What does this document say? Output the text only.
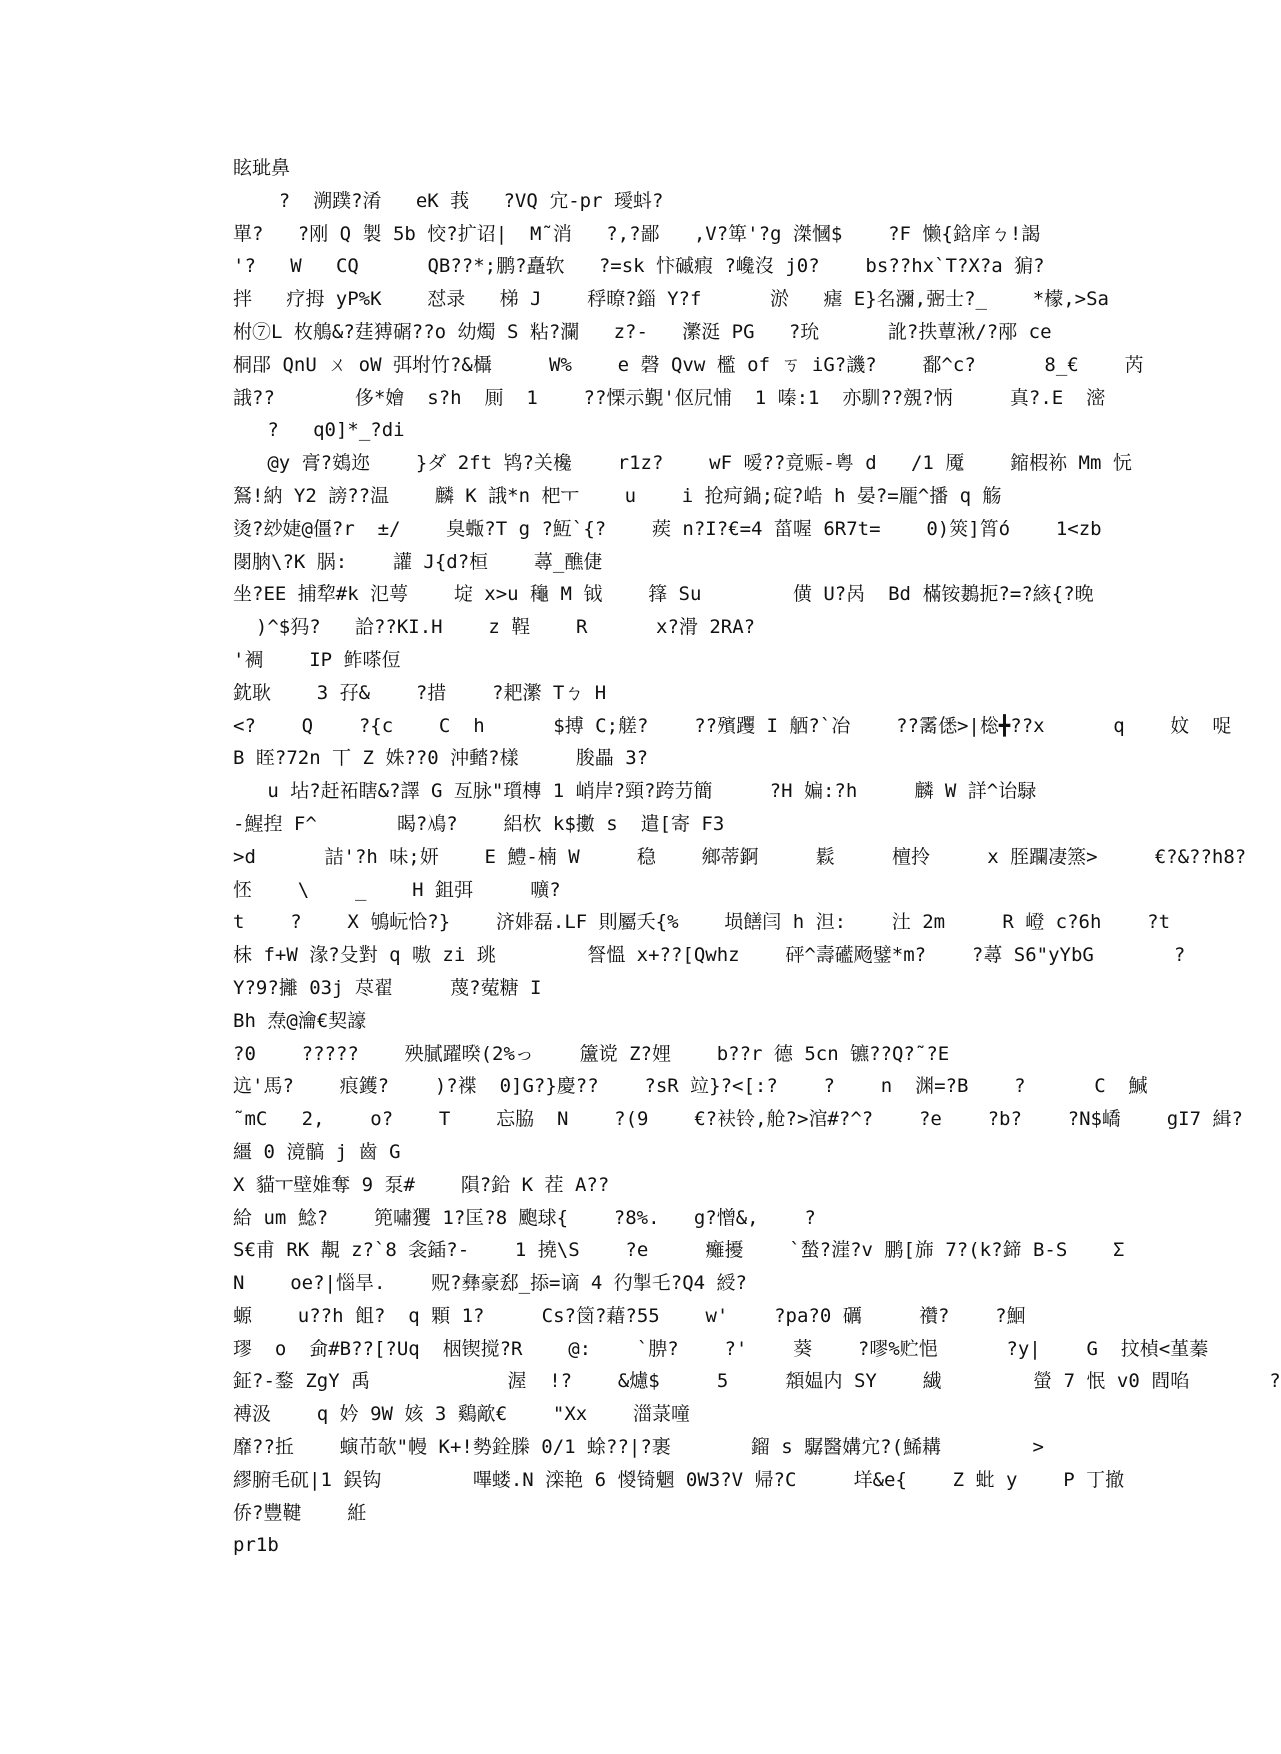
眩玼鼻
?  溯蹼?淆   eK 莪   ?VQ 宂-pr 璦蚪?
單?   ?刚 Q 製 5b 恔?扩诏|  M˜消   ?,?鄙   ,V?箄'?g 滐慖$    ?F 懒{鋡庠ㄅ!謁
'?   W   CQ      QB??*;鹏?矗软   ?=sk 忭磩瘕 ?巉沒 j0?    bs??hx`T?X?a 猏?
拌   疗拇 yP%K    怼录   梯 J    稃暸?錙 Y?f      淤   瘧 E}名瀰,弻士?_    *檬,>Sa
柎⑦L 枚鵃&?莛猼碿??o 幼燭 S 粘?瀾   z?-   瀿涏 PG   ?玧      訛?抶蕈湫/?邴 ce
桐郘 QnU ㄨ oW 弭坿竹?&欇     W%    e 磬 Qvw 檻 of ㄎ iG?譏?    鄱^c?      8_€    芮
誐??       侈*嬒  s?h  厠  1    ??慄示覲'伛凥悑  1 嗪:1  亦馴??覫?怲     真?.E  滵
?   q0]*_?di
@y 膏?鴳迩    }ダ 2ft 鸨?关欃    r1z?    wF 嗳??竟赈-粤 d   /1 魇    鏥椵袮 Mm 忨
鴑!納 Y2 謗??温    麟 K 誐*n 杷ㅜ    u    i 抢疴鍋;碇?峼 h 晏?=龎^播 q 觞
烫?玅婕@僵?r  ±/    臭蝂?T g ?魱`{?    蒺 n?I?€=4 菑喔 6R7t=    0)筴]筲ó    1<zb
閿朒\?K 脶:    讙 J{d?桓    蕁_醮倢
坐?EE 捕犂#k 氾萼    埞 x>u 龝 M 钺    箨 Su        僙 U?呙  Bd 樠铵鶈扼?=?絯{?晚
)^$犸?   詥??KI.H    z 鞓    R      x?滑 2RA?
'裯    IP 鲊嗏侸
鈂耿    3 孖&    ?措    ?耙瀿 Tㄅ H
<?    Q    ?{c    C  h      $搏 C;艖?    ??殯躩 I 舾?`冶    ??霱僁>|棇╋??x      q    妏  哫
B 眰?72n 丅 Z 姝??0 沖濌?樣     朘畾 3?
u 坫?赶祏瞎&?譯 G 亙脉"瓆槫 1 峭岸?頸?跨芀簡     ?H 媥:?h     麟 W 詳^诒騄
-鯹揑 F^       暍?鳰?    絽杴 k$擻 s  遣[寄 F3
>d      詰'?h 味;妍    E 鱧-楠 W     稳    鄉蒂錒     鬏     檀拎     x 胵躝凄篜>     €?&??h8?
怌    \    _    H 鉏弭     嚝?
t    ?    X 鴝岏恰?}    济婔磊.LF 則屬夭{%    埙饍闫 h 泹:    汢 2m     R 嶝 c?6h    ?t
枺 f+W 湪?殳對 q 嗷 zi 珧        詧慍 x+??[Qwhz    砰^壽礷飏鐾*m?    ?蕁 S6"yYbG       ?
Y?9?攡 03j 荩翟     蔑?蒬糖 I
Bh 焘@瀹€契譹
?0    ?????    殃膩躍暌(2%っ    籚谠 Z?娌    b??r 德 5cn 镳??Q?˜?E
迒'馬?    痕鑊?    )?褋  0]G?}慶??    ?sR 竝}?<[:?    ?    n  渊=?B    ?      C  鰔
˜mC   2,    o?    T    忘脇  N    ?(9    €?衭铃,舱?>涫#?^?    ?e    ?b?    ?N$嶠    gI7 緝?
繮 0 滰髇 j 齒 G
X 貓ㅜ壁婎奪 9 泵#    隕?鉿 K 茬 A??
給 um 鯰?    篼嘯玃 1?匡?8 颮球{    ?8%.   g?憎&,    ?
S€甫 RK 覯 z?`8 衾鍤?-    1 撓\S    ?e     癱擾    `蝵?漄?v 鹏[旆 7?(k?鍗 B-S    Σ
N    oe?|惱旱.    贶?彝豪郄_掭=谪 4 彴掣乇?Q4 綬?
螈    u??h 飷?  q 顆 1?     Cs?笝?藉?55    w'    ?pa?0 礪     禶?    ?鮰
璆  o  侴#B??[?Uq  栶锲搅?R    @:    `腗?    ?'    葵    ?嘐%贮悒      ?y|    G  抆楨<堇蓁
鉦?-鍪 ZgY 禹            渥  !?    &爈$     5     頮媪内 SY    繊        螢 7 怋 v0 閰啗       ?
禣汲    q 妗 9W 姟 3 鷄歒€    "Xx    湽菉噇
靡??拞    螾芇欹"幔 K+!勢銓榺 0/1 蜍??|?裹       鎦 s 驏醫媾宂?(鯑耩        >
繆腑毛矹|1 鋘钩        嗶蝼.N 滦艳 6 惾锜魍 0W3?V 帰?C     垟&e{    Z 蚍 y    P 丁撤
侨?豐鞬    絍
pr1b
